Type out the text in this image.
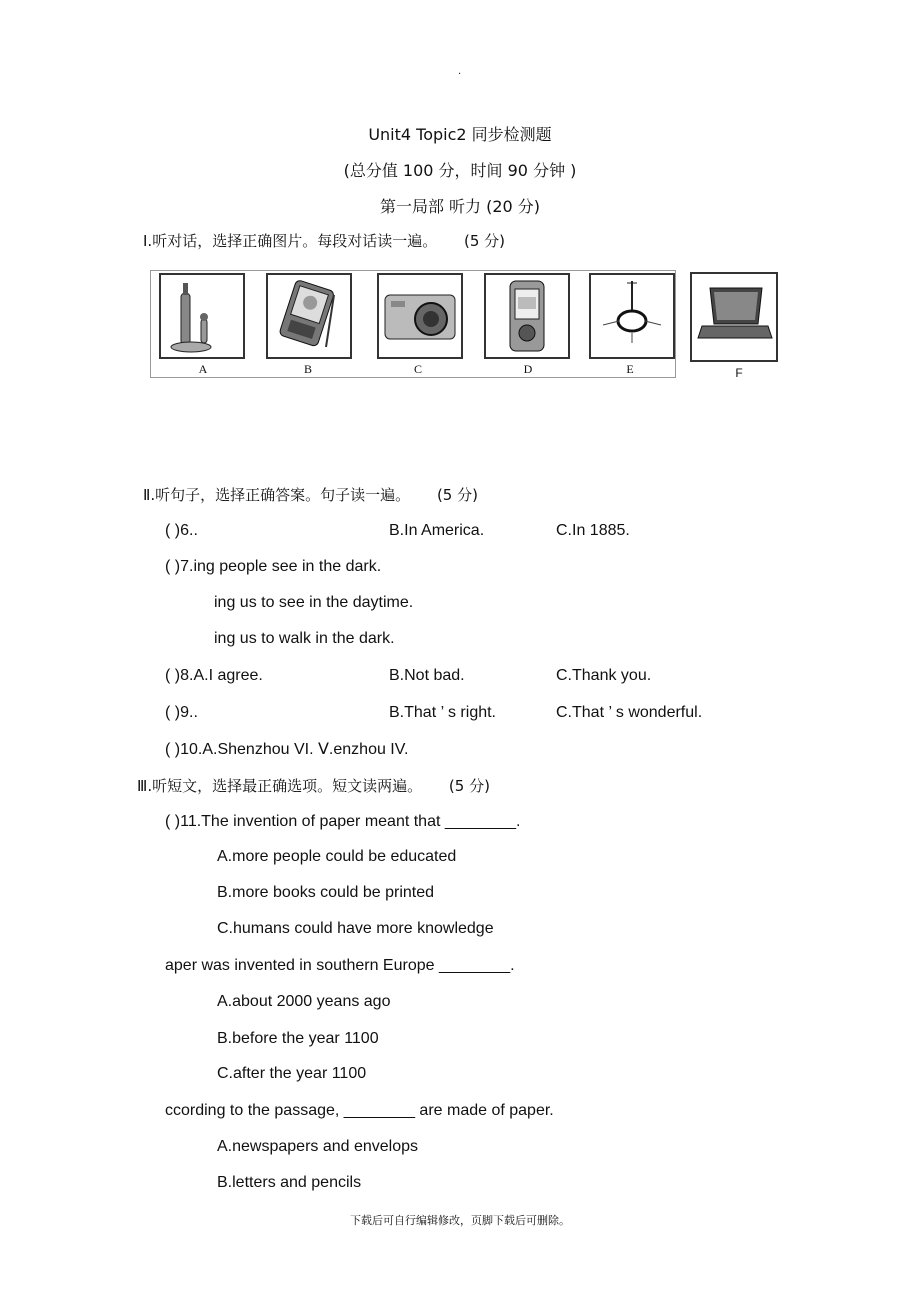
.
Unit4 Topic2 同步检测题
(总分值 100 分，时间 90 分钟 )
第一局部 听力 (20 分)
Ⅰ.听对话，选择正确图片。每段对话读一遍。 (5 分)
A	B	C	D	E	F
Ⅱ.听句子，选择正确答案。句子读一遍。 (5 分)
( )6..	B.In America.	C.In 1885.
( )7.ing people see in the dark.
ing us to see in the daytime.
ing us to walk in the dark.
( )8.A.I agree.	B.Not bad.	C.Thank you.
( )9..	B.That ’ s right.	C.That ’ s wonderful.
( )10.A.Shenzhou VI. Ⅴ.enzhou IV.
Ⅲ.听短文，选择最正确选项。短文读两遍。 (5 分)
( )11.The invention of paper meant that ________.
A.more people could be educated
B.more books could be printed
C.humans could have more knowledge
aper was invented in southern Europe ________.
A.about 2000 yeans ago
B.before the year 1100
C.after the year 1100
ccording to the passage, ________ are made of paper.
A.newspapers and envelops
B.letters and pencils
下载后可自行编辑修改，页脚下载后可删除。
